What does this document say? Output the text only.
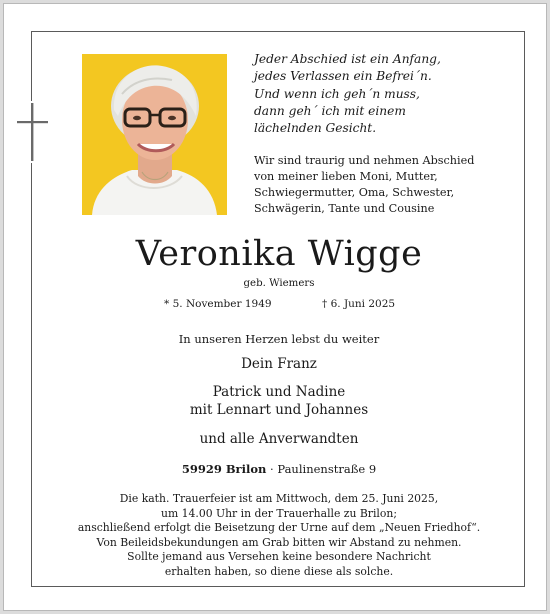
Jeder Abschied ist ein Anfang,
jedes Verlassen ein Befrei´n.
Und wenn ich geh´n muss,
dann geh´ ich mit einem
lächelnden Gesicht.
Wir sind traurig und nehmen Abschied
von meiner lieben Moni, Mutter,
Schwiegermutter, Oma, Schwester,
Schwägerin, Tante und Cousine
Veronika Wigge
geb. Wiemers
* 5. November 1949	† 6. Juni 2025
In unseren Herzen lebst du weiter
Dein Franz
Patrick und Nadine
mit Lennart und Johannes
und alle Anverwandten
59929 Brilon · Paulinenstraße 9
Die kath. Trauerfeier ist am Mittwoch, dem 25. Juni 2025,
um 14.00 Uhr in der Trauerhalle zu Brilon;
anschließend erfolgt die Beisetzung der Urne auf dem „Neuen Friedhof“.
Von Beileidsbekundungen am Grab bitten wir Abstand zu nehmen.
Sollte jemand aus Versehen keine besondere Nachricht
erhalten haben, so diene diese als solche.
